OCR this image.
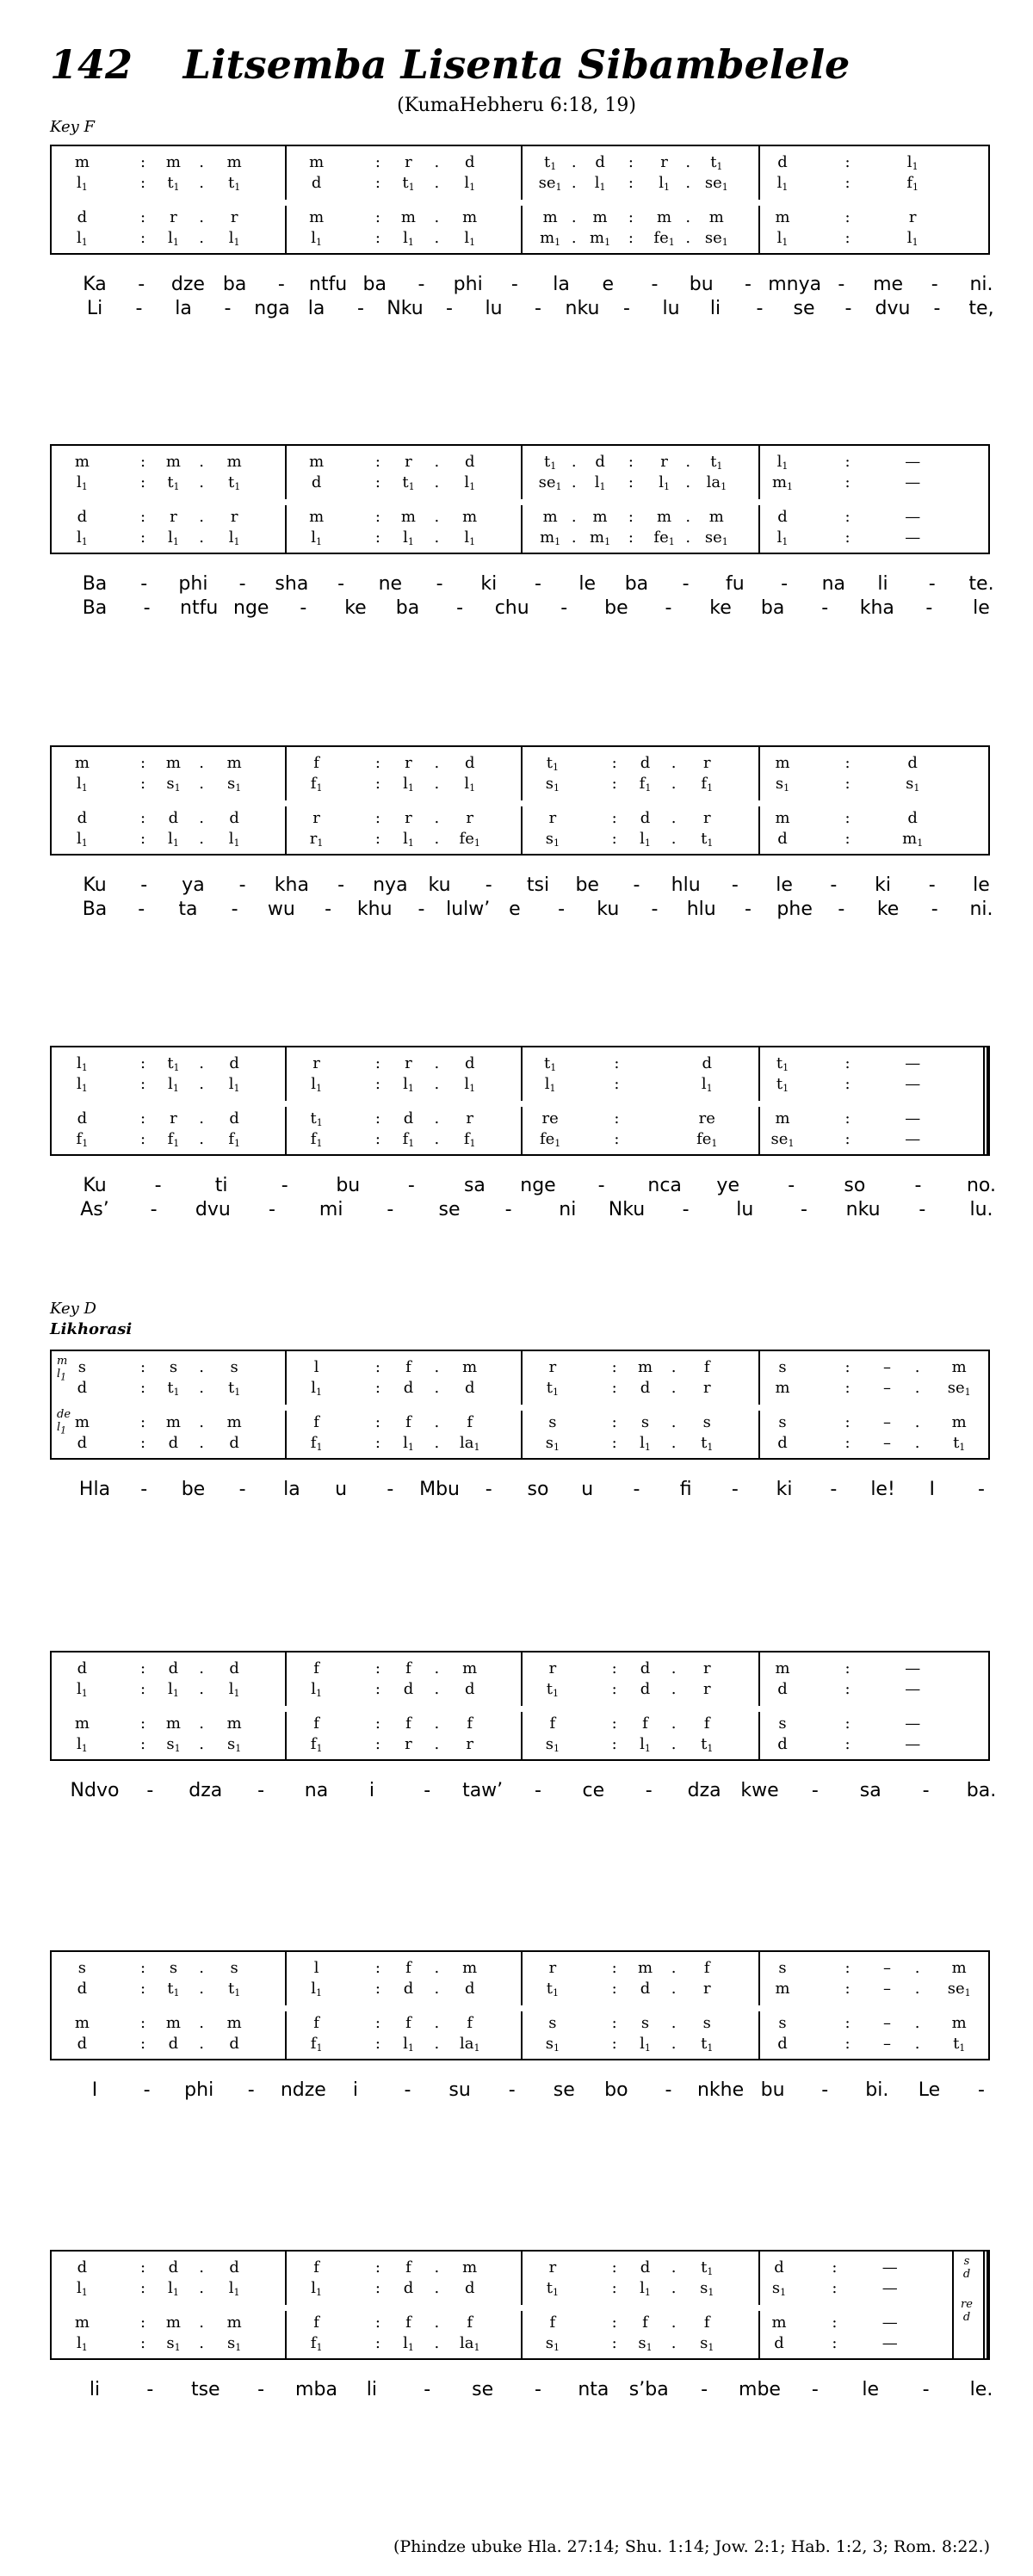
142	Litsemba Lisenta Sibambelele
(KumaHebheru 6:18, 19)
Key F
Key D
Likhorasi
m	: m . m	m	: r . d	$t_1$ . d : r . $t_1$	d	:	$l_1$
$l_1$	: $t_1$ . $t_1$	d	: $t_1$ . $l_1$	$se_1$ . $l_1$ : $l_1$ . $se_1$	$l_1$	:	$f_1$
d	: r . r	m	: m . m	m . m : m . m	m	:	r
$l_1$	: $l_1$ . $l_1$	$l_1$	: $l_1$ . $l_1$	$m_1$ . $m_1$ : $fe_1$ . $se_1$	$l_1$	:	$l_1$
Ka - dze ba - ntfu ba - phi - la e - bu - mnya - me - ni.
Li - la - nga la - Nku - lu - nku - lu li - se - dvu - te,
m	: m . m	m	: r . d	$t_1$ . d : r . $t_1$	$l_1$	:	—
$l_1$	: $t_1$ . $t_1$	d	: $t_1$ . $l_1$	$se_1$ . $l_1$ : $l_1$ . $la_1$	$m_1$	:	—
d	: r . r	m	: m . m	m . m : m . m	d	:	—
$l_1$	: $l_1$ . $l_1$	$l_1$	: $l_1$ . $l_1$	$m_1$ . $m_1$ : $fe_1$ . $se_1$	$l_1$	:	—
Ba - phi - sha - ne - ki - le ba - fu - na li - te.
Ba - ntfu nge - ke ba - chu - be - ke ba - kha - le
m	: m . m	f	: r . d	$t_1$	: d . r	m	:	d
$l_1$	: $s_1$ . $s_1$	$f_1$	: $l_1$ . $l_1$	$s_1$	: $f_1$ . $f_1$	$s_1$	:	$s_1$
d	: d . d	r	: r . r	r	: d . r	m	:	d
$l_1$	: $l_1$ . $l_1$	$r_1$	: $l_1$ . $fe_1$	$s_1$	: $l_1$ . $t_1$	d	:	$m_1$
Ku - ya - kha - nya ku - tsi be - hlu - le - ki - le
Ba - ta - wu - khu - lulw’ e - ku - hlu - phe - ke - ni.
$l_1$	: $t_1$ . d	r	: r . d	$t_1$	:	d	$t_1$	:	—
$l_1$	: $l_1$ . $l_1$	$l_1$	: $l_1$ . $l_1$	$l_1$	:	$l_1$	$t_1$	:	—
d	: r . d	$t_1$	: d . r	re	:	re	m	:	—
$f_1$	: $f_1$ . $f_1$	$f_1$	: $f_1$ . $f_1$	$fe_1$	:	$fe_1$	$se_1$	:	—
Ku	-	ti	-	bu	-	sa nge - nca ye	-	so	- no.
As’ - dvu - mi - se - ni Nku - lu - nku - lu.
s	: s . s	l	: f . m	r	: m . f	s	: – . m
d	: $t_1$ . $t_1$	$l_1$	: d . d	$t_1$	: d . r	m	: – . $se_1$
m	: m . m	f	: f . f	s	: s . s	s	: – . m
d	: d . d	$f_1$	: $l_1$ . $la_1$	$s_1$	: $l_1$ . $t_1$	d	: – . $t_1$
m
$l_1$
de
$l_1$
Hla - be - la u - Mbu - so u - fi - ki - le! I -
d	: d . d	f	: f . m	r	: d . r	m	:	—
$l_1$	: $l_1$ . $l_1$	$l_1$	: d . d	$t_1$	: d . r	d	:	—
m	: m . m	f	: f . f	f	: f . f	s	:	—
$l_1$	: $s_1$ . $s_1$	$f_1$	: r . r	$s_1$	: $l_1$ . $t_1$	d	:	—
Ndvo - dza - na i	- taw’ - ce - dza kwe - sa - ba.
s	: s . s	l	: f . m	r	: m . f	s	: – . m
d	: $t_1$ . $t_1$	$l_1$	: d . d	$t_1$	: d . r	m	: – . $se_1$
m	: m . m	f	: f . f	s	: s . s	s	: – . m
d	: d . d	$f_1$	: $l_1$ . $la_1$	$s_1$	: $l_1$ . $t_1$	d	: – . $t_1$
I - phi - ndze i - su - se bo - nkhe bu - bi. Le -
d	: d . d	f	: f . m	r	: d . $t_1$	d	:	—
$l_1$	: $l_1$ . $l_1$	$l_1$	: d . d	$t_1$	: $l_1$ . $s_1$	$s_1$	:	—
m	: m . m	f	: f . f	f	: f . f	m	:	—
$l_1$	: $s_1$ . $s_1$	$f_1$	: $l_1$ . $la_1$	$s_1$	: $s_1$ . $s_1$	d	:	—
s
d
re
d
li - tse - mba li - se - nta s’ba - mbe - le - le.
(Phindze ubuke Hla. 27:14; Shu. 1:14; Jow. 2:1; Hab. 1:2, 3; Rom. 8:22.)
